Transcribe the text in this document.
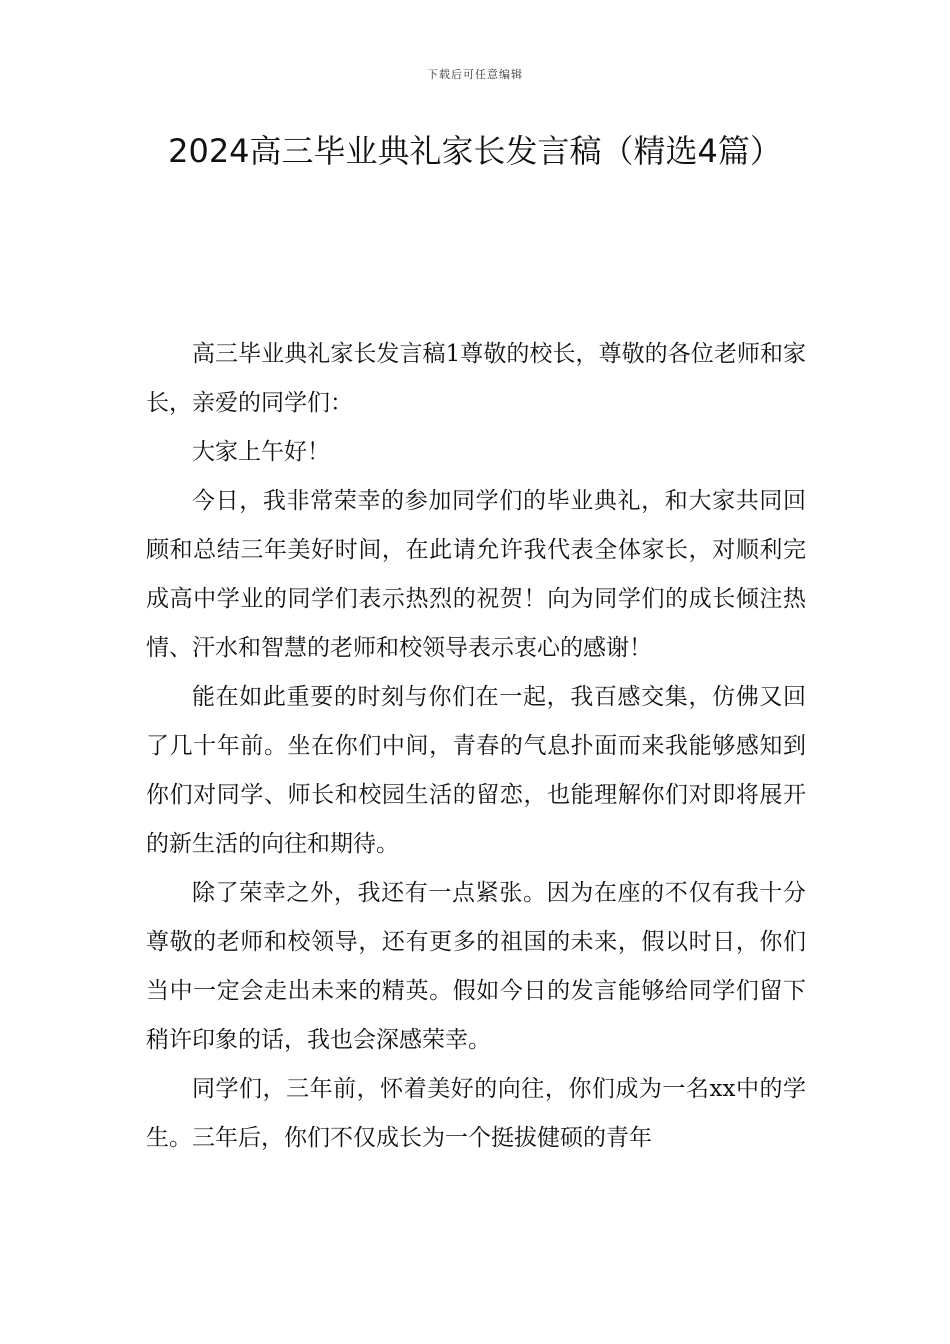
下载后可任意编辑
2024高三毕业典礼家长发言稿（精选4篇）

高三毕业典礼家长发言稿1尊敬的校长，尊敬的各位老师和家长，亲爱的同学们：

大家上午好！

今日，我非常荣幸的参加同学们的毕业典礼，和大家共同回顾和总结三年美好时间，在此请允许我代表全体家长，对顺利完成高中学业的同学们表示热烈的祝贺！向为同学们的成长倾注热情、汗水和智慧的老师和校领导表示衷心的感谢！

能在如此重要的时刻与你们在一起，我百感交集，仿佛又回了几十年前。坐在你们中间，青春的气息扑面而来我能够感知到你们对同学、师长和校园生活的留恋，也能理解你们对即将展开的新生活的向往和期待。

除了荣幸之外，我还有一点紧张。因为在座的不仅有我十分尊敬的老师和校领导，还有更多的祖国的未来，假以时日，你们当中一定会走出未来的精英。假如今日的发言能够给同学们留下稍许印象的话，我也会深感荣幸。

同学们，三年前，怀着美好的向往，你们成为一名xx中的学生。三年后，你们不仅成长为一个挺拔健硕的青年
